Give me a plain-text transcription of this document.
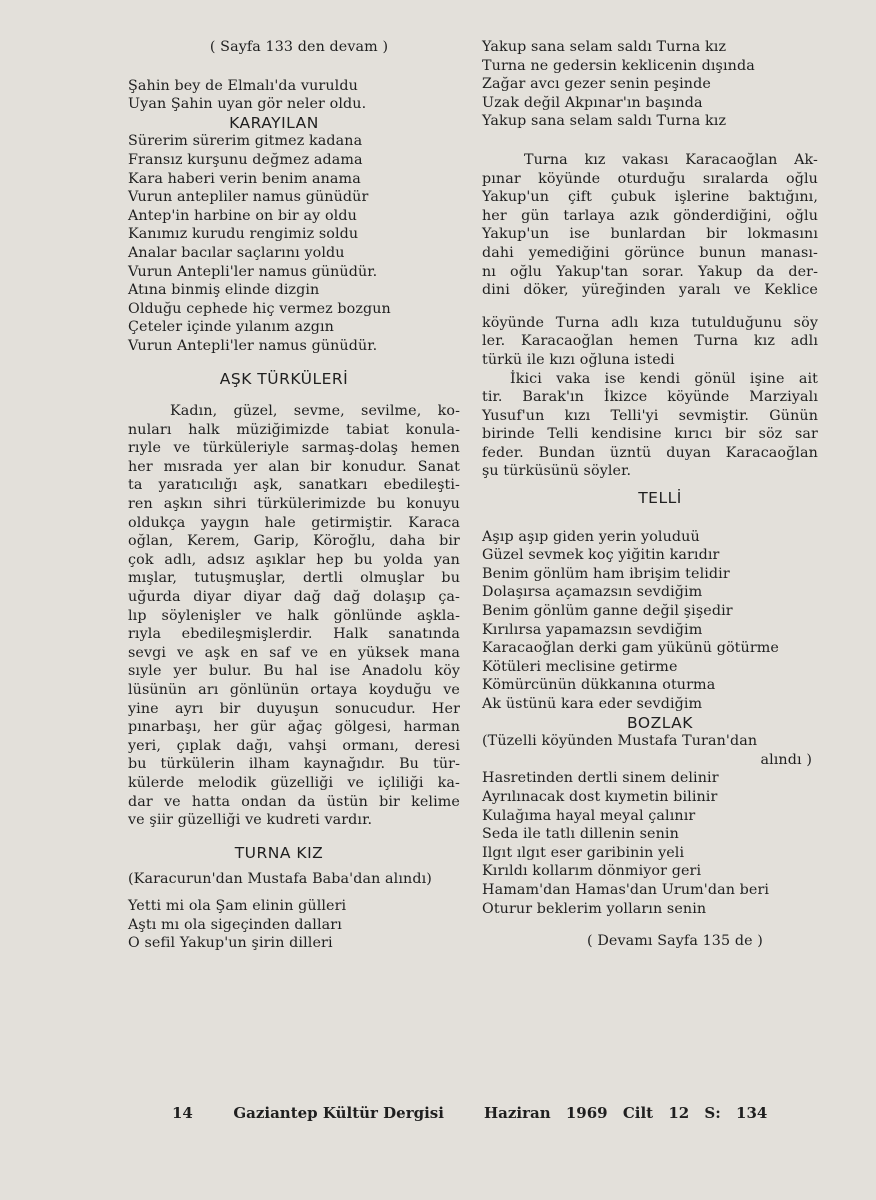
( Sayfa 133 den devam )
Şahin bey de Elmalı'da vuruldu
Uyan Şahin uyan gör neler oldu.
KARAYILAN
Sürerim sürerim gitmez kadana
Fransız kurşunu değmez adama
Kara haberi verin benim anama
Vurun antepliler namus günüdür
Antep'in harbine on bir ay oldu
Kanımız kurudu rengimiz soldu
Analar bacılar saçlarını yoldu
Vurun Antepli'ler namus günüdür.
Atına binmiş elinde dizgin
Olduğu cephede hiç vermez bozgun
Çeteler içinde yılanım azgın
Vurun Antepli'ler namus günüdür.
AŞK TÜRKÜLERİ
Kadın, güzel, sevme, sevilme, ko-
nuları halk müziğimizde tabiat konula-
rıyle ve türküleriyle sarmaş-dolaş hemen
her mısrada yer alan bir konudur. Sanat
ta yaratıcılığı aşk, sanatkarı ebedileşti-
ren aşkın sihri türkülerimizde bu konuyu
oldukça yaygın hale getirmiştir. Karaca
oğlan, Kerem, Garip, Köroğlu, daha bir
çok adlı, adsız aşıklar hep bu yolda yan
mışlar, tutuşmuşlar, dertli olmuşlar bu
uğurda diyar diyar dağ dağ dolaşıp ça-
lıp söylenişler ve halk gönlünde aşkla-
rıyla ebedileşmişlerdir. Halk sanatında
sevgi ve aşk en saf ve en yüksek mana
sıyle yer bulur. Bu hal ise Anadolu köy
lüsünün arı gönlünün ortaya koyduğu ve
yine ayrı bir duyuşun sonucudur. Her
pınarbaşı, her gür ağaç gölgesi, harman
yeri, çıplak dağı, vahşi ormanı, deresi
bu türkülerin ilham kaynağıdır. Bu tür-
külerde melodik güzelliği ve içliliği ka-
dar ve hatta ondan da üstün bir kelime
ve şiir güzelliği ve kudreti vardır.
TURNA KIZ
(Karacurun'dan Mustafa Baba'dan alındı)
Yetti mi ola Şam elinin gülleri
Aştı mı ola sigeçinden dalları
O sefil Yakup'un şirin dilleri
Yakup sana selam saldı Turna kız
Turna ne gedersin keklicenin dışında
Zağar avcı gezer senin peşinde
Uzak değil Akpınar'ın başında
Yakup sana selam saldı Turna kız
Turna kız vakası Karacaoğlan Ak-
pınar köyünde oturduğu sıralarda oğlu
Yakup'un çift çubuk işlerine baktığını,
her gün tarlaya azık gönderdiğini, oğlu
Yakup'un ise bunlardan bir lokmasını
dahi yemediğini görünce bunun manası-
nı oğlu Yakup'tan sorar. Yakup da der-
dini döker, yüreğinden yaralı ve Keklice
köyünde Turna adlı kıza tutulduğunu söy
ler. Karacaoğlan hemen Turna kız adlı
türkü ile kızı oğluna istedi
İkici vaka ise kendi gönül işine ait
tir. Barak'ın İkizce köyünde Marziyalı
Yusuf'un kızı Telli'yi sevmiştir. Günün
birinde Telli kendisine kırıcı bir söz sar
feder. Bundan üzntü duyan Karacaoğlan
şu türküsünü söyler.
TELLİ
Aşıp aşıp giden yerin yoluduü
Güzel sevmek koç yiğitin karıdır
Benim gönlüm ham ibrişim telidir
Dolaşırsa açamazsın sevdiğim
Benim gönlüm ganne değil şişedir
Kırılırsa yapamazsın sevdiğim
Karacaoğlan derki gam yükünü götürme
Kötüleri meclisine getirme
Kömürcünün dükkanına oturma
Ak üstünü kara eder sevdiğim
BOZLAK
(Tüzelli köyünden Mustafa Turan'dan
alındı )
Hasretinden dertli sinem delinir
Ayrılınacak dost kıymetin bilinir
Kulağıma hayal meyal çalınır
Seda ile tatlı dillenin senin
Ilgıt ılgıt eser garibinin yeli
Kırıldı kollarım dönmiyor geri
Hamam'dan Hamas'dan Urum'dan beri
Oturur beklerim yolların senin
( Devamı Sayfa 135 de )
14	Gaziantep Kültür Dergisi	Haziran 1969 Cilt 12 S: 134
